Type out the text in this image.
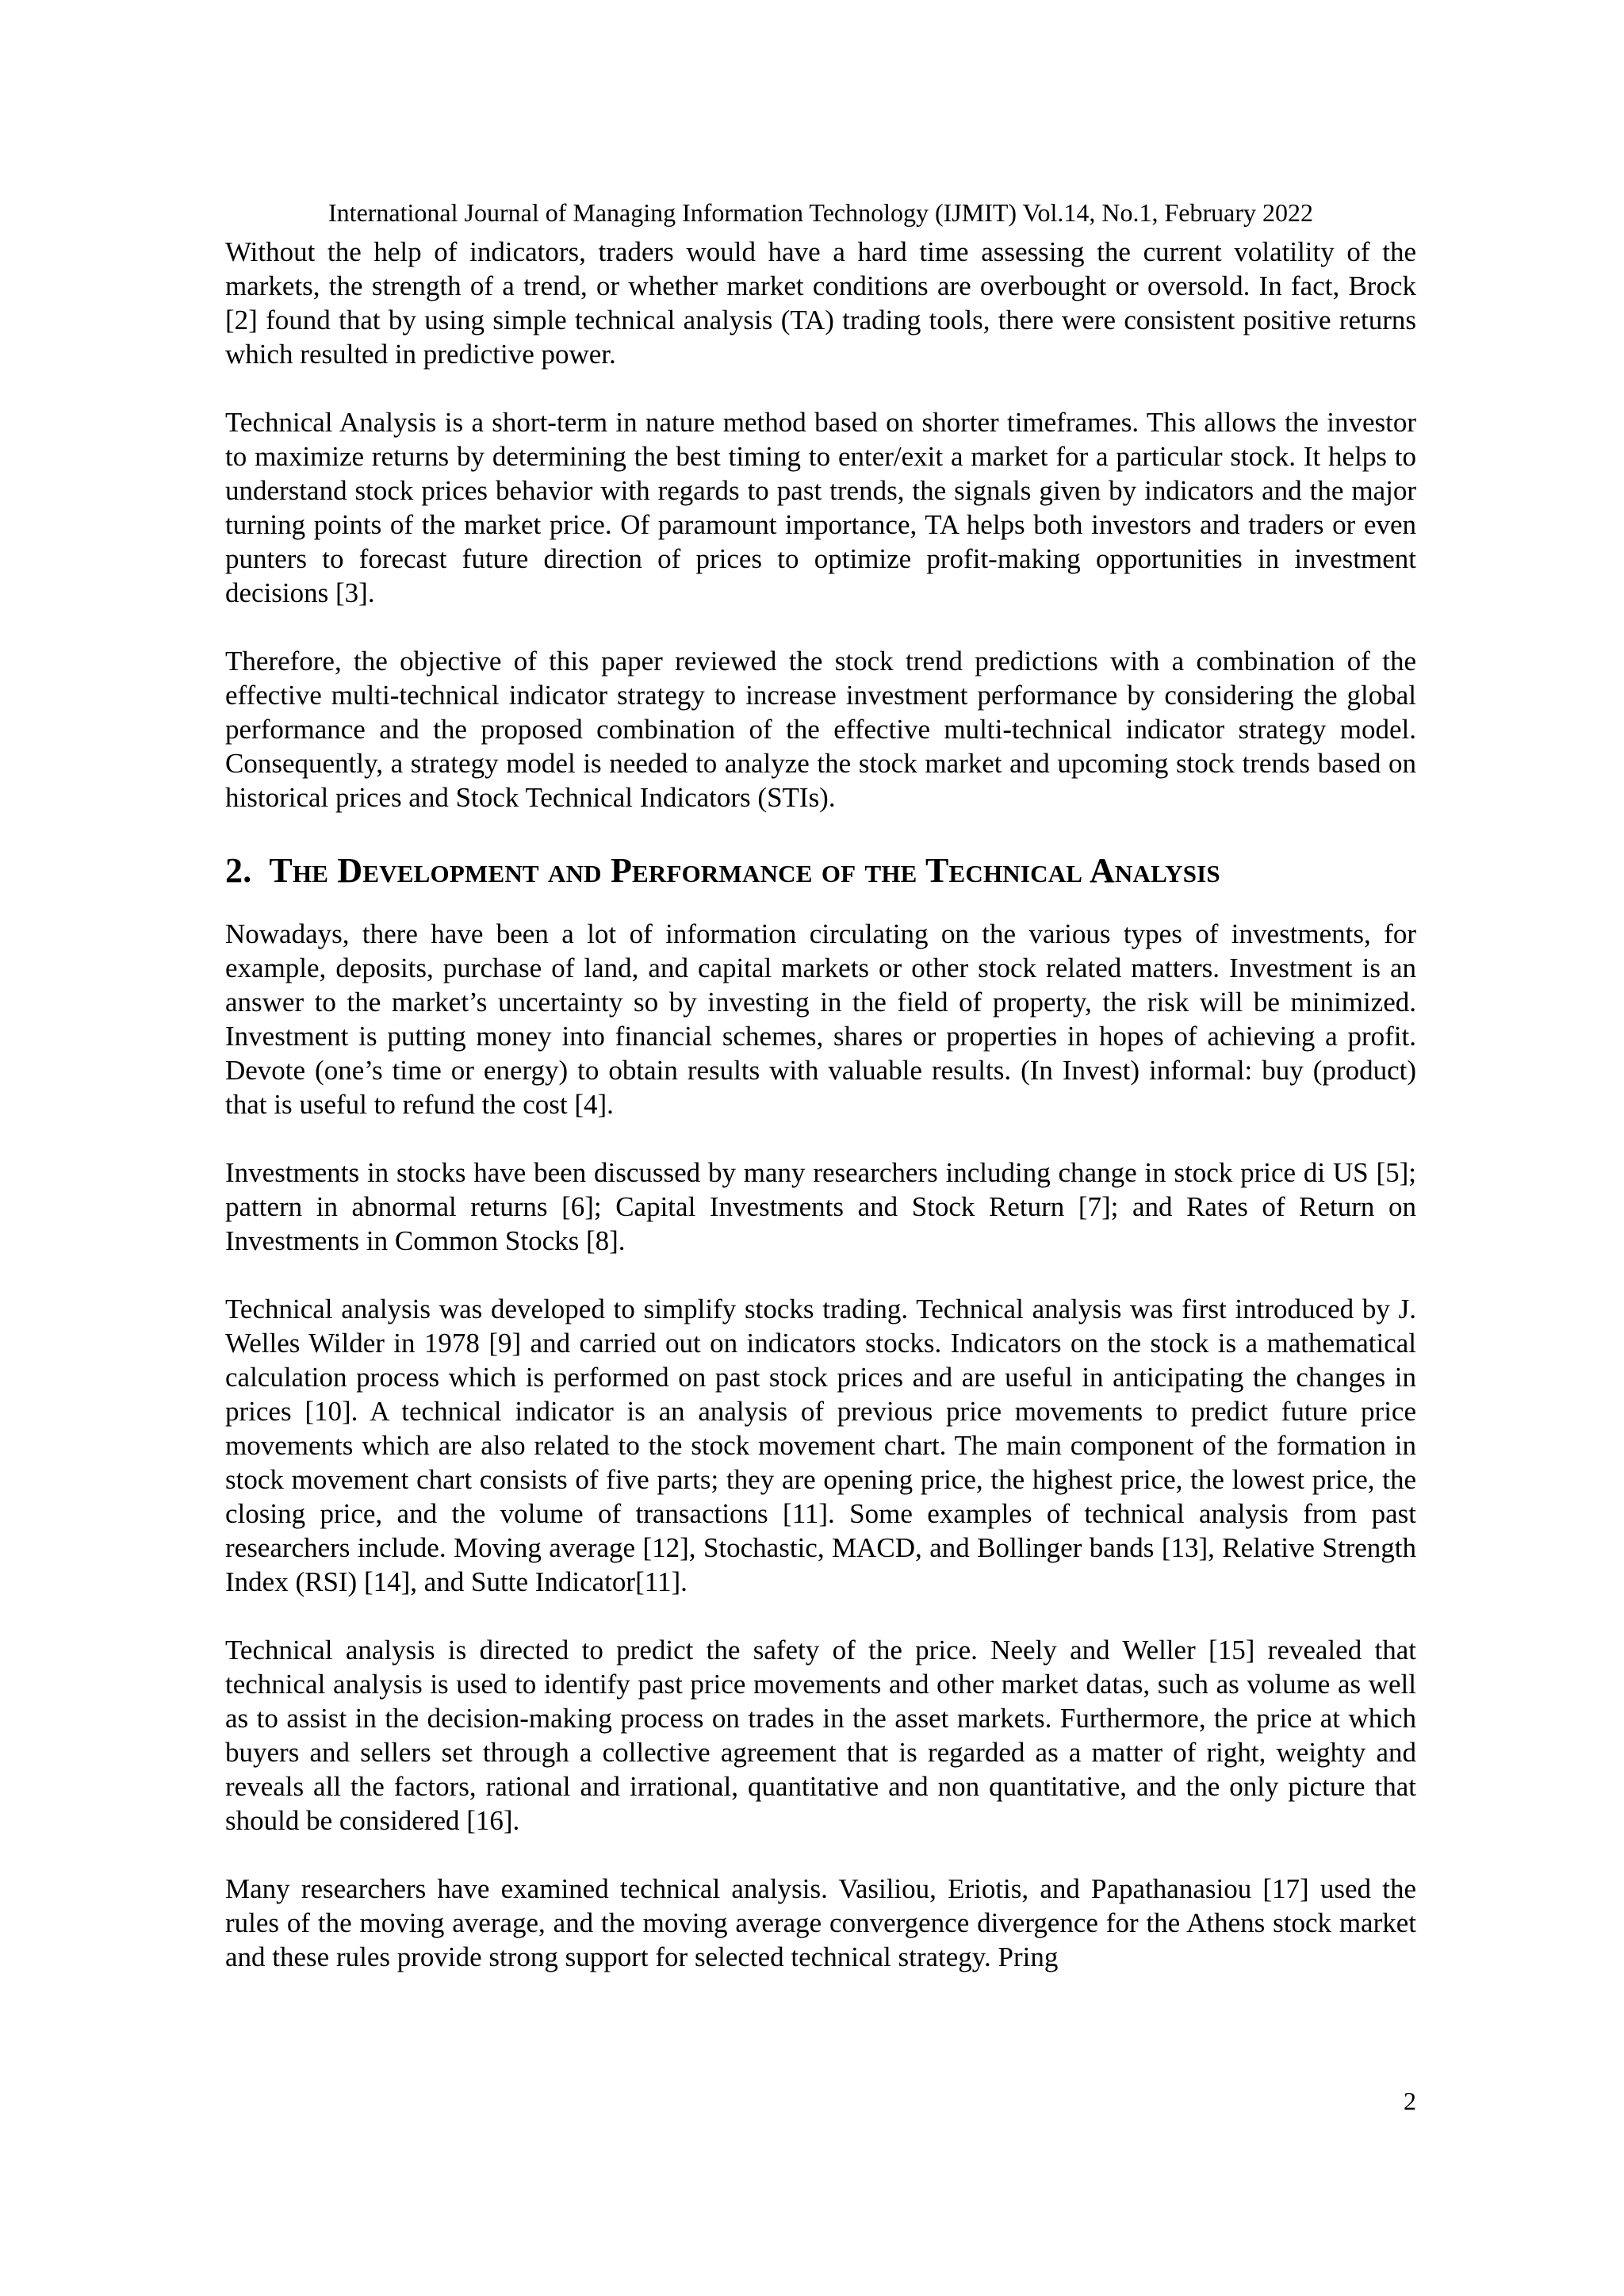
International Journal of Managing Information Technology (IJMIT) Vol.14, No.1, February 2022

Without the help of indicators, traders would have a hard time assessing the current volatility of the markets, the strength of a trend, or whether market conditions are overbought or oversold. In fact, Brock [2] found that by using simple technical analysis (TA) trading tools, there were consistent positive returns which resulted in predictive power.

Technical Analysis is a short-term in nature method based on shorter timeframes. This allows the investor to maximize returns by determining the best timing to enter/exit a market for a particular stock. It helps to understand stock prices behavior with regards to past trends, the signals given by indicators and the major turning points of the market price. Of paramount importance, TA helps both investors and traders or even punters to forecast future direction of prices to optimize profit-making opportunities in investment decisions [3].

Therefore, the objective of this paper reviewed the stock trend predictions with a combination of the effective multi-technical indicator strategy to increase investment performance by considering the global performance and the proposed combination of the effective multi-technical indicator strategy model. Consequently, a strategy model is needed to analyze the stock market and upcoming stock trends based on historical prices and Stock Technical Indicators (STIs).

2. The Development and Performance of the Technical Analysis

Nowadays, there have been a lot of information circulating on the various types of investments, for example, deposits, purchase of land, and capital markets or other stock related matters. Investment is an answer to the market’s uncertainty so by investing in the field of property, the risk will be minimized. Investment is putting money into financial schemes, shares or properties in hopes of achieving a profit. Devote (one’s time or energy) to obtain results with valuable results. (In Invest) informal: buy (product) that is useful to refund the cost [4].

Investments in stocks have been discussed by many researchers including change in stock price di US [5]; pattern in abnormal returns [6]; Capital Investments and Stock Return [7]; and Rates of Return on Investments in Common Stocks [8].

Technical analysis was developed to simplify stocks trading. Technical analysis was first introduced by J. Welles Wilder in 1978 [9] and carried out on indicators stocks. Indicators on the stock is a mathematical calculation process which is performed on past stock prices and are useful in anticipating the changes in prices [10]. A technical indicator is an analysis of previous price movements to predict future price movements which are also related to the stock movement chart. The main component of the formation in stock movement chart consists of five parts; they are opening price, the highest price, the lowest price, the closing price, and the volume of transactions [11]. Some examples of technical analysis from past researchers include. Moving average [12], Stochastic, MACD, and Bollinger bands [13], Relative Strength Index (RSI) [14], and Sutte Indicator[11].

Technical analysis is directed to predict the safety of the price. Neely and Weller [15] revealed that technical analysis is used to identify past price movements and other market datas, such as volume as well as to assist in the decision-making process on trades in the asset markets. Furthermore, the price at which buyers and sellers set through a collective agreement that is regarded as a matter of right, weighty and reveals all the factors, rational and irrational, quantitative and non quantitative, and the only picture that should be considered [16].

Many researchers have examined technical analysis. Vasiliou, Eriotis, and Papathanasiou [17] used the rules of the moving average, and the moving average convergence divergence for the Athens stock market and these rules provide strong support for selected technical strategy. Pring

2
